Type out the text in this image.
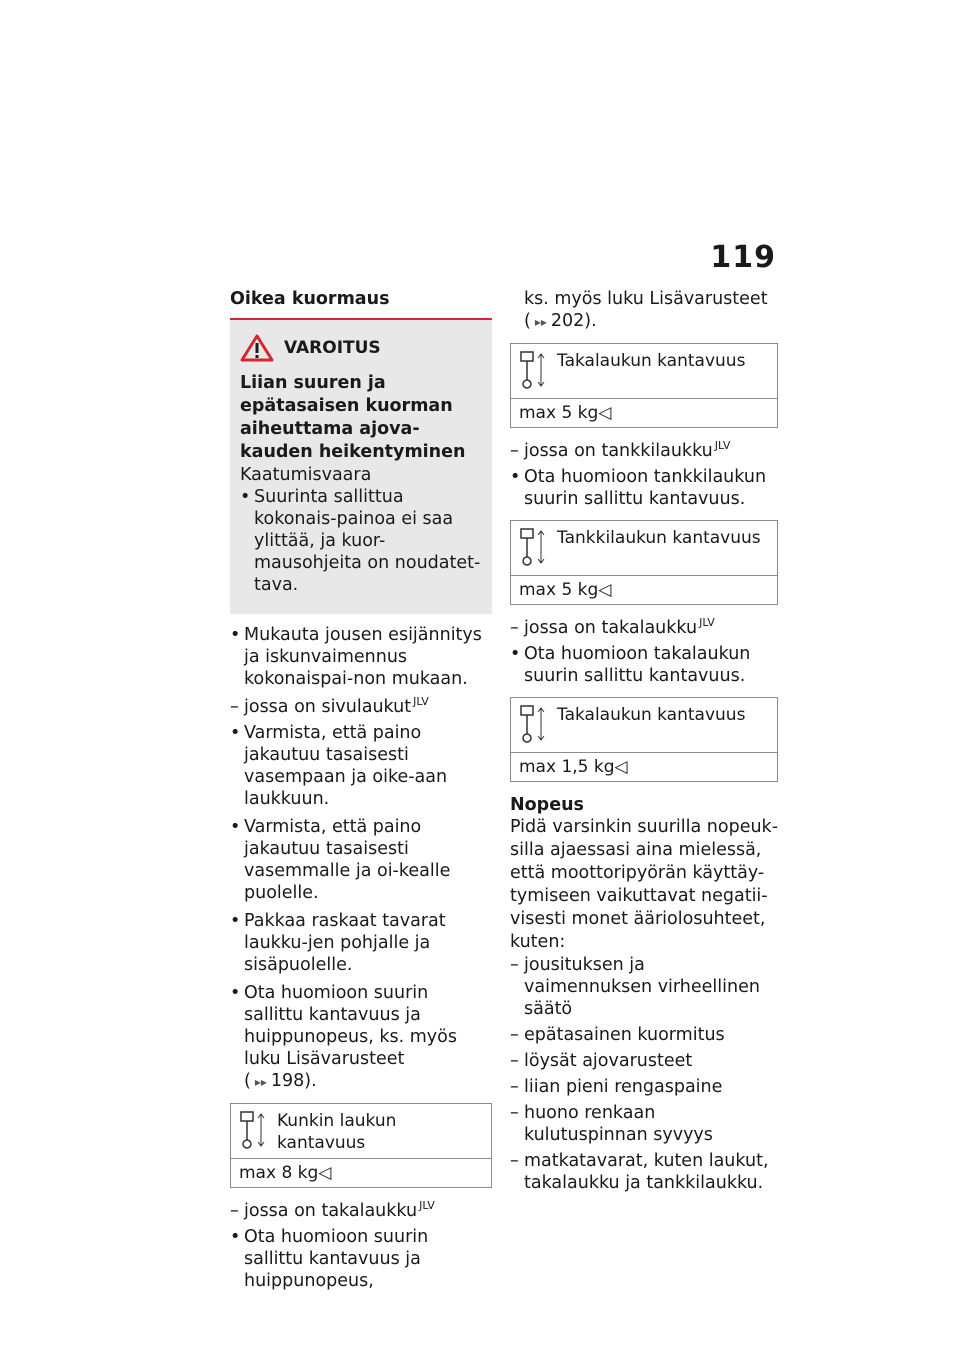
119
Oikea kuormaus
VAROITUS
Liian suuren ja epätasaisen kuorman aiheuttama ajova-kauden heikentyminen
Kaatumisvaara
• Suurinta sallittua kokonais-painoa ei saa ylittää, ja kuor-mausohjeita on noudatet-tava.
• Mukauta jousen esijännitys ja iskunvaimennus kokonaispai-non mukaan.
– jossa on sivulaukut $^{JLV}$
• Varmista, että paino jakautuu tasaisesti vasempaan ja oike-aan laukkuun.
• Varmista, että paino jakautuu tasaisesti vasemmalle ja oi-kealle puolelle.
• Pakkaa raskaat tavarat laukku-jen pohjalle ja sisäpuolelle.
• Ota huomioon suurin sallittu kantavuus ja huippunopeus, ks. myös luku Lisävarusteet
( ▸▸ 198).
Kunkin laukun kantavuus
max 8 kg◁
– jossa on takalaukku $^{JLV}$
• Ota huomioon suurin sallittu kantavuus ja huippunopeus,
ks. myös luku Lisävarusteet
( ▸▸ 202).
Takalaukun kantavuus
max 5 kg◁
– jossa on tankkilaukku $^{JLV}$
• Ota huomioon tankkilaukun suurin sallittu kantavuus.
Tankkilaukun kantavuus
max 5 kg◁
– jossa on takalaukku $^{JLV}$
• Ota huomioon takalaukun suurin sallittu kantavuus.
Takalaukun kantavuus
max 1,5 kg◁
Nopeus
Pidä varsinkin suurilla nopeuk-silla ajaessasi aina mielessä, että moottoripyörän käyttäy-tymiseen vaikuttavat negatii-visesti monet ääriolosuhteet, kuten:
– jousituksen ja vaimennuksen virheellinen säätö
– epätasainen kuormitus
– löysät ajovarusteet
– liian pieni rengaspaine
– huono renkaan kulutuspinnan syvyys
– matkatavarat, kuten laukut, takalaukku ja tankkilaukku.
